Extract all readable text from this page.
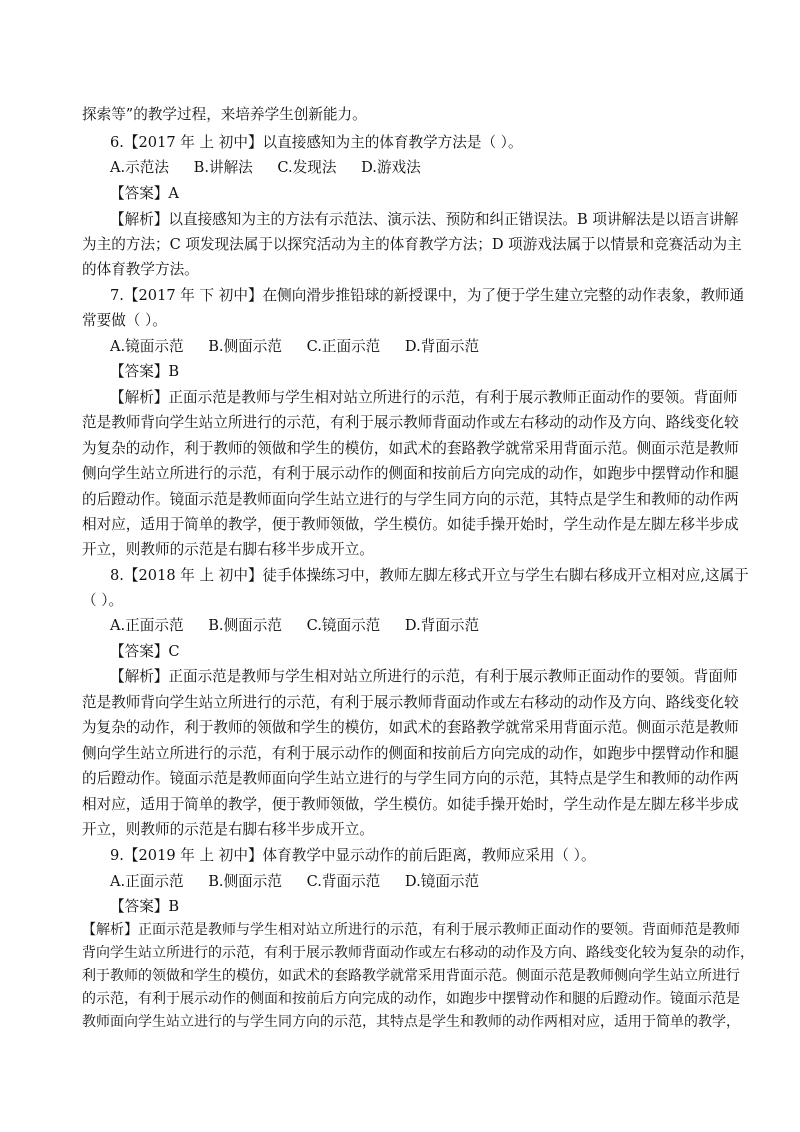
探索等”的教学过程，来培养学生创新能力。
6.【2017 年 上 初中】以直接感知为主的体育教学方法是（ ）。
A.示范法 B.讲解法 C.发现法 D.游戏法
【答案】A
【解析】以直接感知为主的方法有示范法、演示法、预防和纠正错误法。B 项讲解法是以语言讲解
为主的方法；C 项发现法属于以探究活动为主的体育教学方法；D 项游戏法属于以情景和竞赛活动为主
的体育教学方法。
7.【2017 年 下 初中】在侧向滑步推铅球的新授课中，为了便于学生建立完整的动作表象，教师通
常要做（ ）。
A.镜面示范 B.侧面示范 C.正面示范 D.背面示范
【答案】B
【解析】正面示范是教师与学生相对站立所进行的示范，有利于展示教师正面动作的要领。背面师
范是教师背向学生站立所进行的示范，有利于展示教师背面动作或左右移动的动作及方向、路线变化较
为复杂的动作，利于教师的领做和学生的模仿，如武术的套路教学就常采用背面示范。侧面示范是教师
侧向学生站立所进行的示范，有利于展示动作的侧面和按前后方向完成的动作，如跑步中摆臂动作和腿
的后蹬动作。镜面示范是教师面向学生站立进行的与学生同方向的示范，其特点是学生和教师的动作两
相对应，适用于简单的教学，便于教师领做，学生模仿。如徒手操开始时，学生动作是左脚左移半步成
开立，则教师的示范是右脚右移半步成开立。
8.【2018 年 上 初中】徒手体操练习中，教师左脚左移式开立与学生右脚右移成开立相对应,这属于
（ ）。
A.正面示范 B.侧面示范 C.镜面示范 D.背面示范
【答案】C
【解析】正面示范是教师与学生相对站立所进行的示范，有利于展示教师正面动作的要领。背面师
范是教师背向学生站立所进行的示范，有利于展示教师背面动作或左右移动的动作及方向、路线变化较
为复杂的动作，利于教师的领做和学生的模仿，如武术的套路教学就常采用背面示范。侧面示范是教师
侧向学生站立所进行的示范，有利于展示动作的侧面和按前后方向完成的动作，如跑步中摆臂动作和腿
的后蹬动作。镜面示范是教师面向学生站立进行的与学生同方向的示范，其特点是学生和教师的动作两
相对应，适用于简单的教学，便于教师领做，学生模仿。如徒手操开始时，学生动作是左脚左移半步成
开立，则教师的示范是右脚右移半步成开立。
9.【2019 年 上 初中】体育教学中显示动作的前后距离，教师应采用（ ）。
A.正面示范 B.侧面示范 C.背面示范 D.镜面示范
【答案】B
【解析】正面示范是教师与学生相对站立所进行的示范，有利于展示教师正面动作的要领。背面师范是教师
背向学生站立所进行的示范，有利于展示教师背面动作或左右移动的动作及方向、路线变化较为复杂的动作，
利于教师的领做和学生的模仿，如武术的套路教学就常采用背面示范。侧面示范是教师侧向学生站立所进行
的示范，有利于展示动作的侧面和按前后方向完成的动作，如跑步中摆臂动作和腿的后蹬动作。镜面示范是
教师面向学生站立进行的与学生同方向的示范，其特点是学生和教师的动作两相对应，适用于简单的教学，
